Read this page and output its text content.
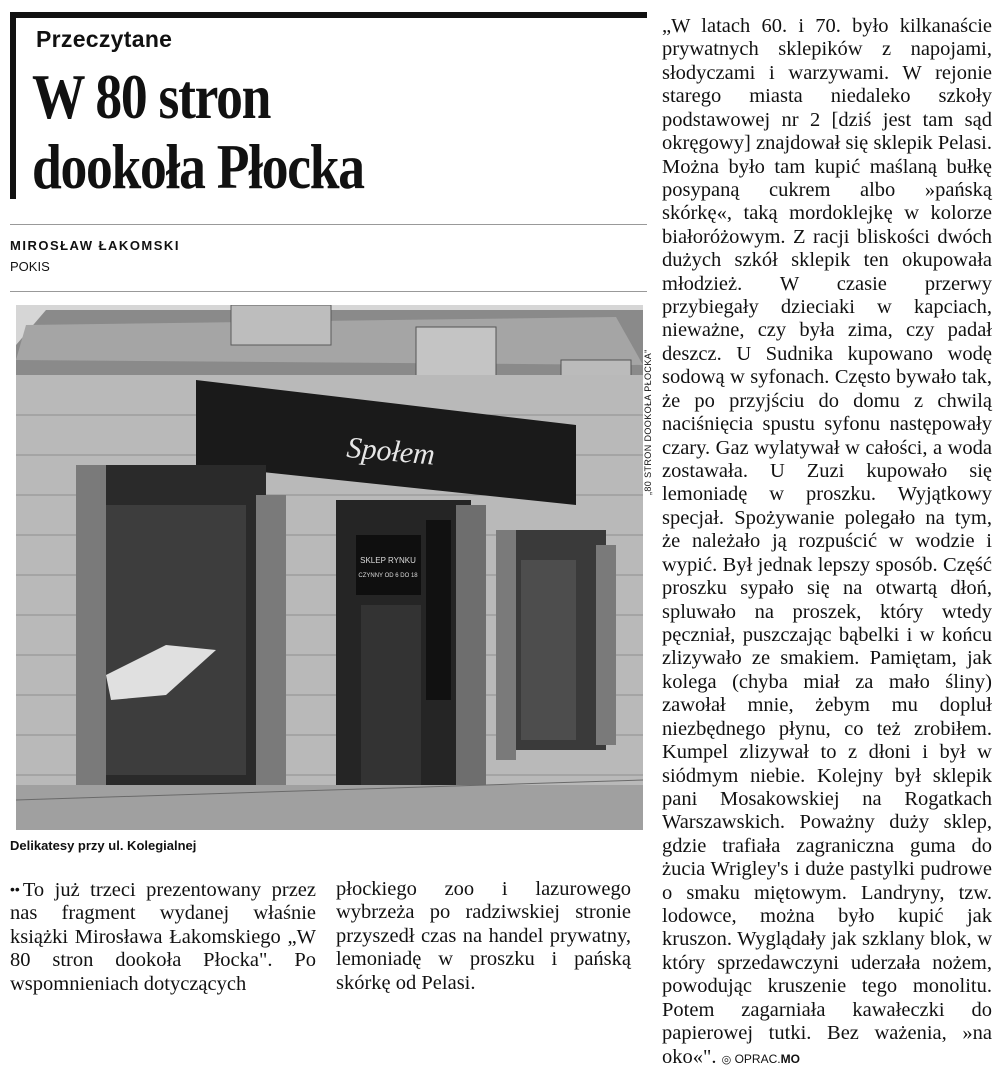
Przeczytane
W 80 stron
dookoła Płocka
MIROSŁAW ŁAKOMSKI
POKIS
Społem
SKLEP RYNKU
CZYNNY OD 6 DO 18
„80 STRON DOOKOŁA PŁOCKA"
Delikatesy przy ul. Kolegialnej

•• To już trzeci prezentowany przez nas fragment wydanej właśnie książki Mirosława Łakomskiego „W 80 stron dookoła Płocka". Po wspomnieniach dotyczących

płockiego zoo i lazurowego wybrzeża po radziwskiej stronie przyszedł czas na handel prywatny, lemoniadę w proszku i pańską skórkę od Pelasi.

„W latach 60. i 70. było kilkanaście prywatnych sklepików z napojami, słodyczami i warzywami. W rejonie starego miasta niedaleko szkoły podstawowej nr 2 [dziś jest tam sąd okręgowy] znajdował się sklepik Pelasi. Można było tam kupić maślaną bułkę posypaną cukrem albo »pańską skórkę«, taką mordoklejkę w kolorze białoróżowym. Z racji bliskości dwóch dużych szkół sklepik ten okupowała młodzież. W czasie przerwy przybiegały dzieciaki w kapciach, nieważne, czy była zima, czy padał deszcz. U Sudnika kupowano wodę sodową w syfonach. Często bywało tak, że po przyjściu do domu z chwilą naciśnięcia spustu syfonu następowały czary. Gaz wylatywał w całości, a woda zostawała. U Zuzi kupowało się lemoniadę w proszku. Wyjątkowy specjał. Spożywanie polegało na tym, że należało ją rozpuścić w wodzie i wypić. Był jednak lepszy sposób. Część proszku sypało się na otwartą dłoń, spluwało na proszek, który wtedy pęczniał, puszczając bąbelki i w końcu zlizywało ze smakiem. Pamiętam, jak kolega (chyba miał za mało śliny) zawołał mnie, żebym mu dopluł niezbędnego płynu, co też zrobiłem. Kumpel zlizywał to z dłoni i był w siódmym niebie. Kolejny był sklepik pani Mosakowskiej na Rogatkach Warszawskich. Poważny duży sklep, gdzie trafiała zagraniczna guma do żucia Wrigley's i duże pastylki pudrowe o smaku miętowym. Landryny, tzw. lodowce, można było kupić jak kruszon. Wyglądały jak szklany blok, w który sprzedawczyni uderzała nożem, powodując kruszenie tego monolitu. Potem zagarniała kawałeczki do papierowej tutki. Bez ważenia, »na oko«". ◎ OPRAC.MO
